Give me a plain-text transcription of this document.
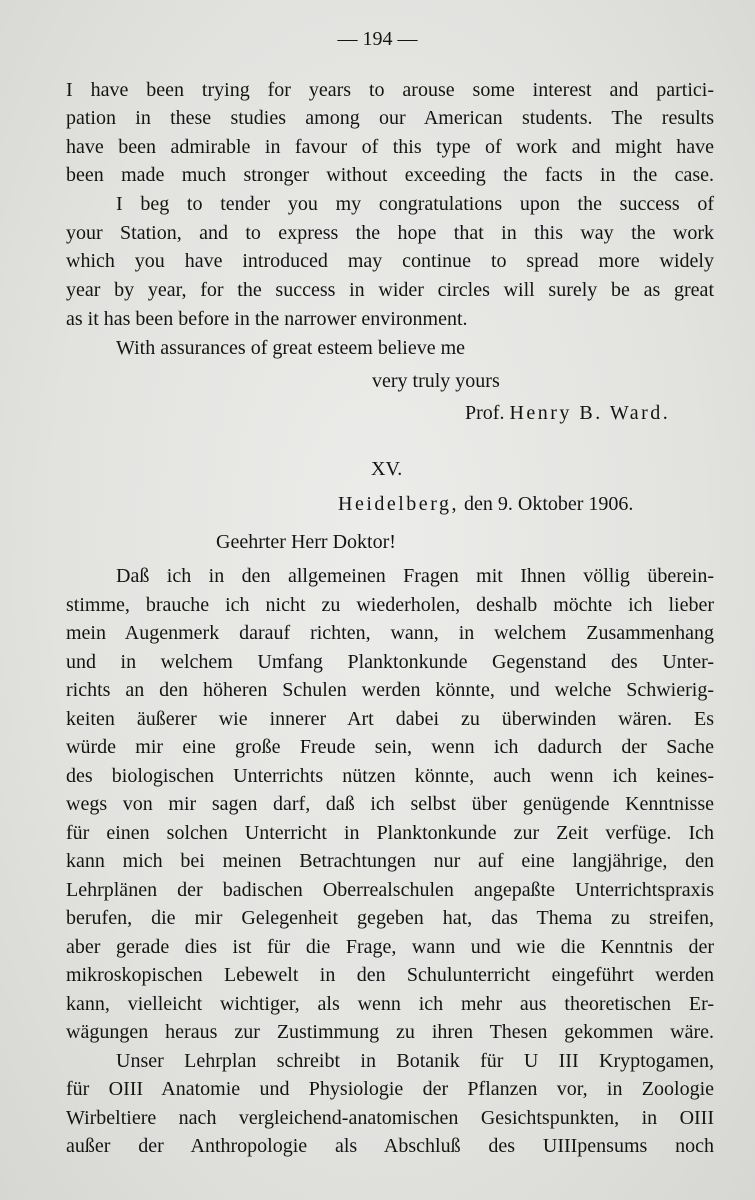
— 194 —
I have been trying for years to arouse some interest and partici-
pation in these studies among our American students. The results
have been admirable in favour of this type of work and might have
been made much stronger without exceeding the facts in the case.
I beg to tender you my congratulations upon the success of
your Station, and to express the hope that in this way the work
which you have introduced may continue to spread more widely
year by year, for the success in wider circles will surely be as great
as it has been before in the narrower environment.
With assurances of great esteem believe me
very truly yours
Prof. Henry B. Ward.
XV.
Heidelberg, den 9. Oktober 1906.
Geehrter Herr Doktor!
Daß ich in den allgemeinen Fragen mit Ihnen völlig überein-
stimme, brauche ich nicht zu wiederholen, deshalb möchte ich lieber
mein Augenmerk darauf richten, wann, in welchem Zusammenhang
und in welchem Umfang Planktonkunde Gegenstand des Unter-
richts an den höheren Schulen werden könnte, und welche Schwierig-
keiten äußerer wie innerer Art dabei zu überwinden wären. Es
würde mir eine große Freude sein, wenn ich dadurch der Sache
des biologischen Unterrichts nützen könnte, auch wenn ich keines-
wegs von mir sagen darf, daß ich selbst über genügende Kenntnisse
für einen solchen Unterricht in Planktonkunde zur Zeit verfüge. Ich
kann mich bei meinen Betrachtungen nur auf eine langjährige, den
Lehrplänen der badischen Oberrealschulen angepaßte Unterrichtspraxis
berufen, die mir Gelegenheit gegeben hat, das Thema zu streifen,
aber gerade dies ist für die Frage, wann und wie die Kenntnis der
mikroskopischen Lebewelt in den Schulunterricht eingeführt werden
kann, vielleicht wichtiger, als wenn ich mehr aus theoretischen Er-
wägungen heraus zur Zustimmung zu ihren Thesen gekommen wäre.
Unser Lehrplan schreibt in Botanik für U III Kryptogamen,
für OIII Anatomie und Physiologie der Pflanzen vor, in Zoologie
Wirbeltiere nach vergleichend-anatomischen Gesichtspunkten, in OIII
außer der Anthropologie als Abschluß des UIIIpensums noch
